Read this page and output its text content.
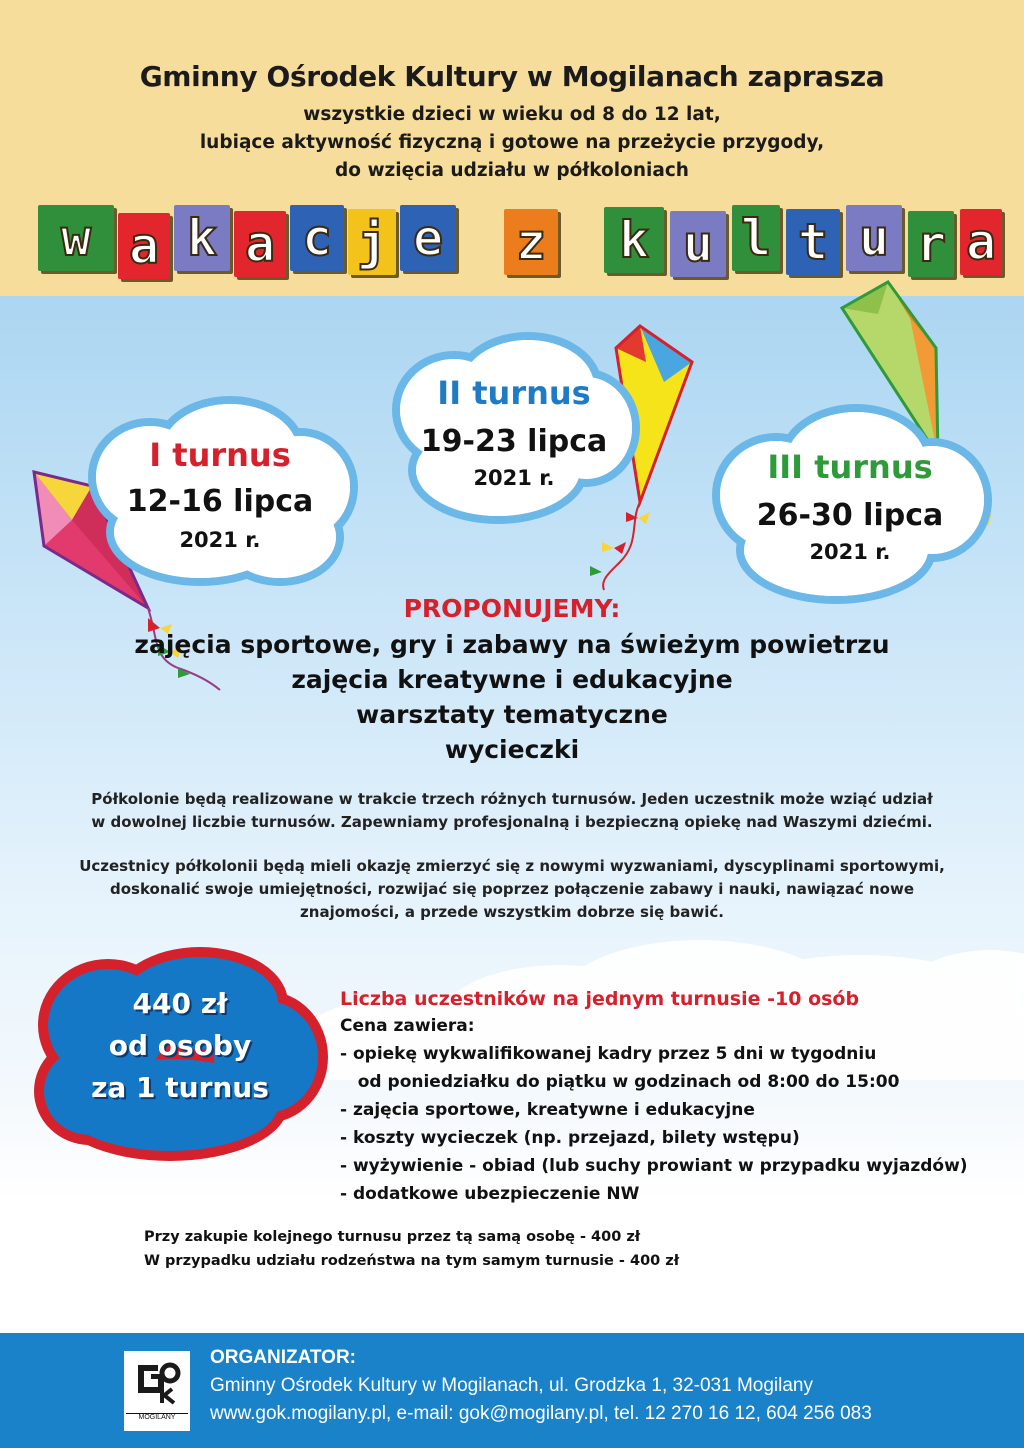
Gminny Ośrodek Kultury w Mogilanach zaprasza
wszystkie dzieci w wieku od 8 do 12 lat,
lubiące aktywność fizyczną i gotowe na przeżycie przygody,
do wzięcia udziału w półkoloniach
w a k a c j e z k u l t u r a
I turnus
12-16 lipca
2021 r.
II turnus
19-23 lipca
2021 r.	III turnus
26-30 lipca
2021 r.
PROPONUJEMY:
zajęcia sportowe, gry i zabawy na świeżym powietrzu
zajęcia kreatywne i edukacyjne
warsztaty tematyczne
wycieczki
Półkolonie będą realizowane w trakcie trzech różnych turnusów. Jeden uczestnik może wziąć udział
w dowolnej liczbie turnusów. Zapewniamy profesjonalną i bezpieczną opiekę nad Waszymi dziećmi.
Uczestnicy półkolonii będą mieli okazję zmierzyć się z nowymi wyzwaniami, dyscyplinami sportowymi,
doskonalić swoje umiejętności, rozwijać się poprzez połączenie zabawy i nauki, nawiązać nowe
znajomości, a przede wszystkim dobrze się bawić.
440 zł
od osoby
za 1 turnus
Liczba uczestników na jednym turnusie -10 osób
Cena zawiera:
- opiekę wykwalifikowanej kadry przez 5 dni w tygodniu
od poniedziałku do piątku w godzinach od 8:00 do 15:00
- zajęcia sportowe, kreatywne i edukacyjne
- koszty wycieczek (np. przejazd, bilety wstępu)
- wyżywienie - obiad (lub suchy prowiant w przypadku wyjazdów)
- dodatkowe ubezpieczenie NW
Przy zakupie kolejnego turnusu przez tą samą osobę - 400 zł
W przypadku udziału rodzeństwa na tym samym turnusie - 400 zł
MOGILANY
ORGANIZATOR:
Gminny Ośrodek Kultury w Mogilanach, ul. Grodzka 1, 32-031 Mogilany
www.gok.mogilany.pl, e-mail: gok@mogilany.pl, tel. 12 270 16 12, 604 256 083
